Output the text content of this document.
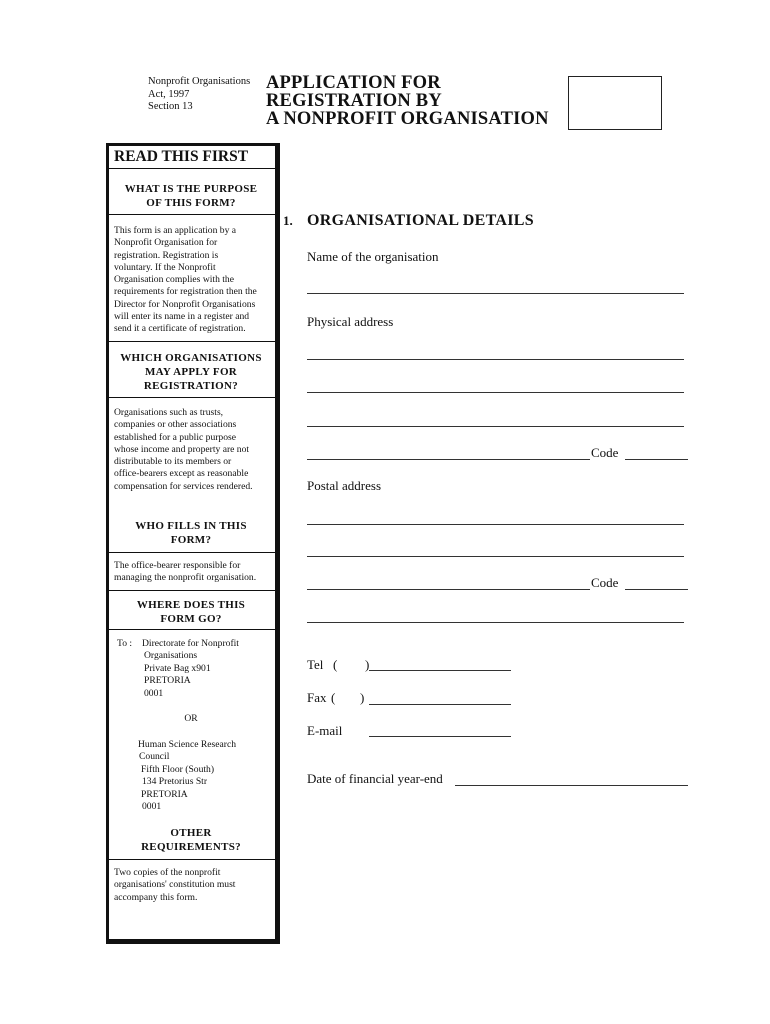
Nonprofit Organisations
Act, 1997
Section 13
APPLICATION FOR
REGISTRATION BY
A NONPROFIT ORGANISATION
READ THIS FIRST
WHAT IS THE PURPOSE
OF THIS FORM?
This form is an application by a
Nonprofit Organisation for
registration. Registration is
voluntary. If the Nonprofit
Organisation complies with the
requirements for registration then the
Director for Nonprofit Organisations
will enter its name in a register and
send it a certificate of registration.
WHICH ORGANISATIONS
MAY APPLY FOR
REGISTRATION?
Organisations such as trusts,
companies or other associations
established for a public purpose
whose income and property are not
distributable to its members or
office-bearers except as reasonable
compensation for services rendered.
WHO FILLS IN THIS
FORM?
The office-bearer responsible for
managing the nonprofit organisation.
WHERE DOES THIS
FORM GO?
To : Directorate for Nonprofit
Organisations
Private Bag x901
PRETORIA
0001
OR
Human Science Research
Council
Fifth Floor (South)
134 Pretorius Str
PRETORIA
0001
OTHER
REQUIREMENTS?
Two copies of the nonprofit
organisations' constitution must
accompany this form.
1. ORGANISATIONAL DETAILS
Name of the organisation
Physical address
Code
Postal address
Code
Tel ( )
Fax ( )
E-mail
Date of financial year-end
